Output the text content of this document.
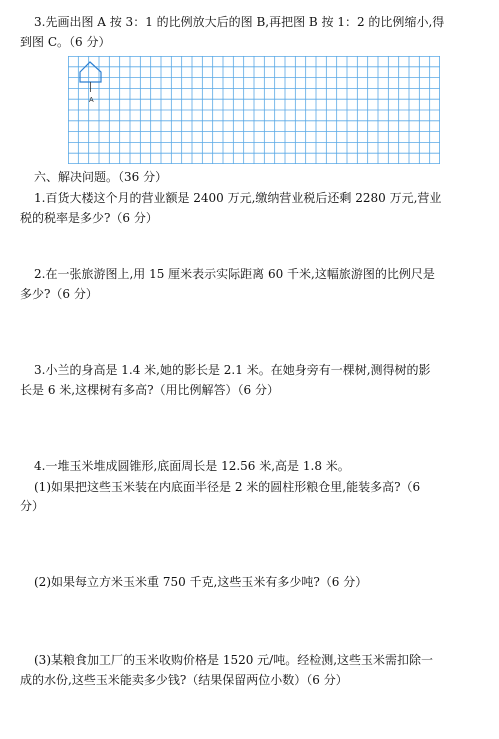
3.先画出图 A 按 3：1 的比例放大后的图 B,再把图 B 按 1：2 的比例缩小,得
到图 C。（6 分）
A
六、解决问题。（36 分）
1.百货大楼这个月的营业额是 2400 万元,缴纳营业税后还剩 2280 万元,营业
税的税率是多少?（6 分）
2.在一张旅游图上,用 15 厘米表示实际距离 60 千米,这幅旅游图的比例尺是
多少?（6 分）
3.小兰的身高是 1.4 米,她的影长是 2.1 米。在她身旁有一棵树,测得树的影
长是 6 米,这棵树有多高?（用比例解答）（6 分）
4.一堆玉米堆成圆锥形,底面周长是 12.56 米,高是 1.8 米。
(1)如果把这些玉米装在内底面半径是 2 米的圆柱形粮仓里,能装多高?（6
分）
(2)如果每立方米玉米重 750 千克,这些玉米有多少吨?（6 分）
(3)某粮食加工厂的玉米收购价格是 1520 元/吨。经检测,这些玉米需扣除一
成的水份,这些玉米能卖多少钱?（结果保留两位小数）（6 分）
